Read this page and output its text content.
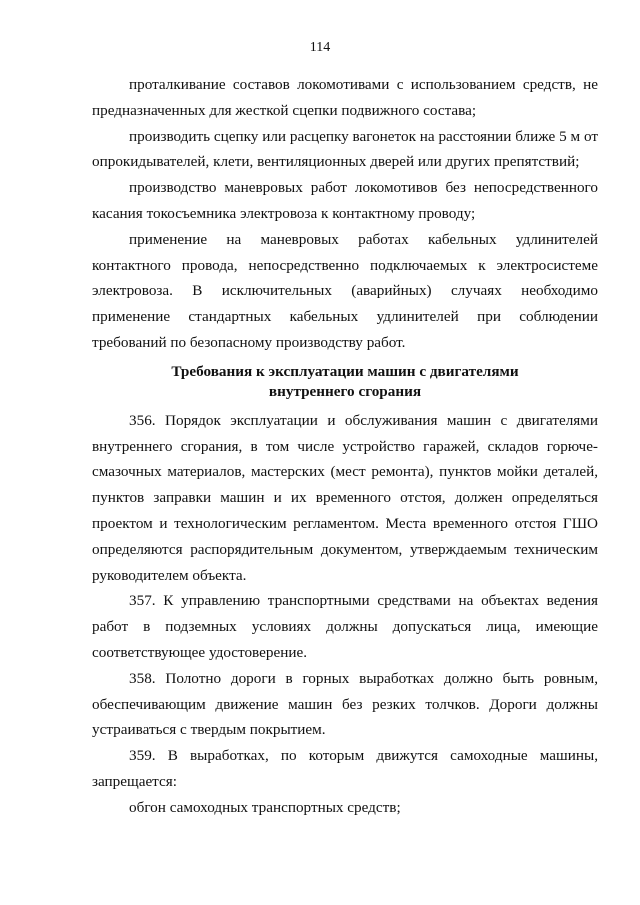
114

проталкивание составов локомотивами с использованием средств, не предназначенных для жесткой сцепки подвижного состава;

производить сцепку или расцепку вагонеток на расстоянии ближе 5 м от опрокидывателей, клети, вентиляционных дверей или других препятствий;

производство маневровых работ локомотивов без непосредственного касания токосъемника электровоза к контактному проводу;

применение на маневровых работах кабельных удлинителей контактного провода, непосредственно подключаемых к электросистеме электровоза. В исключительных (аварийных) случаях необходимо применение стандартных кабельных удлинителей при соблюдении требований по безопасному производству работ.

Требования к эксплуатации машин с двигателями
внутреннего сгорания

356. Порядок эксплуатации и обслуживания машин с двигателями внутреннего сгорания, в том числе устройство гаражей, складов горюче-смазочных материалов, мастерских (мест ремонта), пунктов мойки деталей, пунктов заправки машин и их временного отстоя, должен определяться проектом и технологическим регламентом. Места временного отстоя ГШО определяются распорядительным документом, утверждаемым техническим руководителем объекта.

357. К управлению транспортными средствами на объектах ведения работ в подземных условиях должны допускаться лица, имеющие соответствующее удостоверение.

358. Полотно дороги в горных выработках должно быть ровным, обеспечивающим движение машин без резких толчков. Дороги должны устраиваться с твердым покрытием.

359. В выработках, по которым движутся самоходные машины, запрещается:

обгон самоходных транспортных средств;
